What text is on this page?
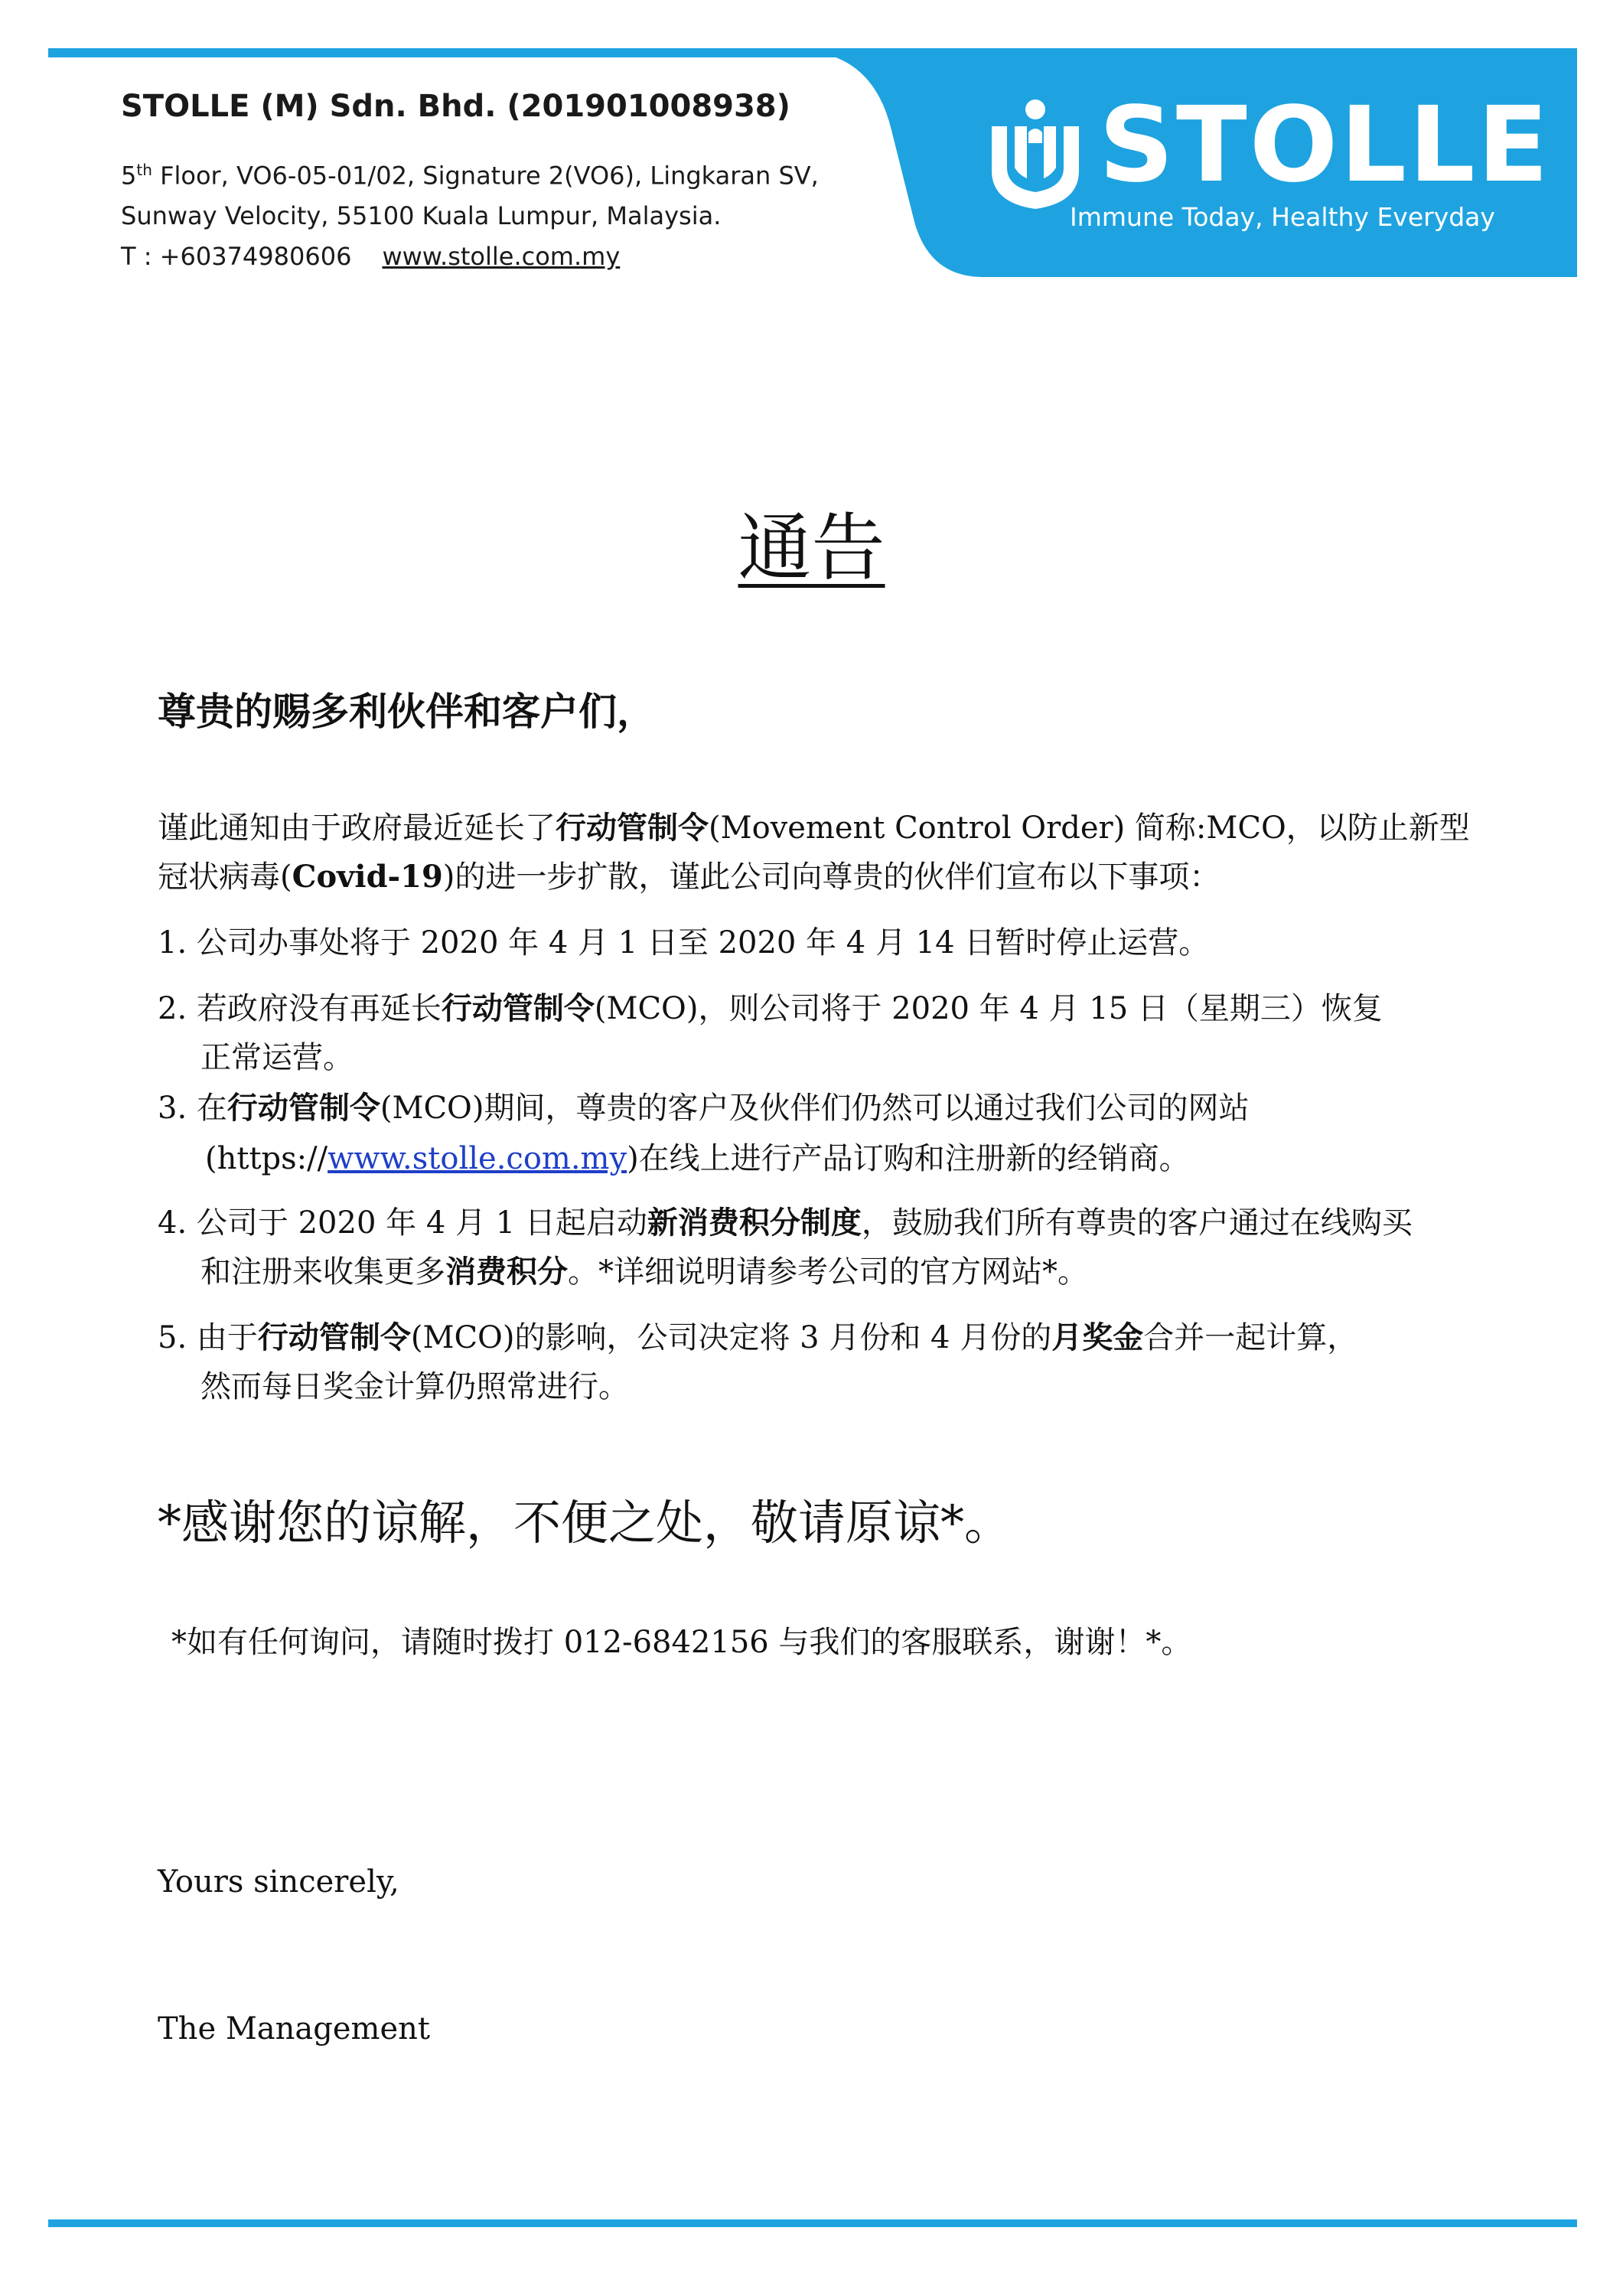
STOLLE (M) Sdn. Bhd. (201901008938)
5th Floor, VO6-05-01/02, Signature 2(VO6), Lingkaran SV,
Sunway Velocity, 55100 Kuala Lumpur, Malaysia.
T : +60374980606 www.stolle.com.my
STOLLE
Immune Today, Healthy Everyday
通告
尊贵的赐多利伙伴和客户们，
谨此通知由于政府最近延长了行动管制令(Movement Control Order) 简称:MCO，以防止新型
冠状病毒(Covid-19)的进一步扩散，谨此公司向尊贵的伙伴们宣布以下事项：
1. 公司办事处将于 2020 年 4 月 1 日至 2020 年 4 月 14 日暂时停止运营。
2. 若政府没有再延长行动管制令(MCO)，则公司将于 2020 年 4 月 15 日（星期三）恢复
正常运营。
3. 在行动管制令(MCO)期间，尊贵的客户及伙伴们仍然可以通过我们公司的网站
(https://www.stolle.com.my)在线上进行产品订购和注册新的经销商。
4. 公司于 2020 年 4 月 1 日起启动新消费积分制度，鼓励我们所有尊贵的客户通过在线购买
和注册来收集更多消费积分。*详细说明请参考公司的官方网站*。
5. 由于行动管制令(MCO)的影响，公司决定将 3 月份和 4 月份的月奖金合并一起计算，
然而每日奖金计算仍照常进行。
*感谢您的谅解，不便之处，敬请原谅*。
*如有任何询问，请随时拨打 012-6842156 与我们的客服联系，谢谢！*。
Yours sincerely,
The Management
